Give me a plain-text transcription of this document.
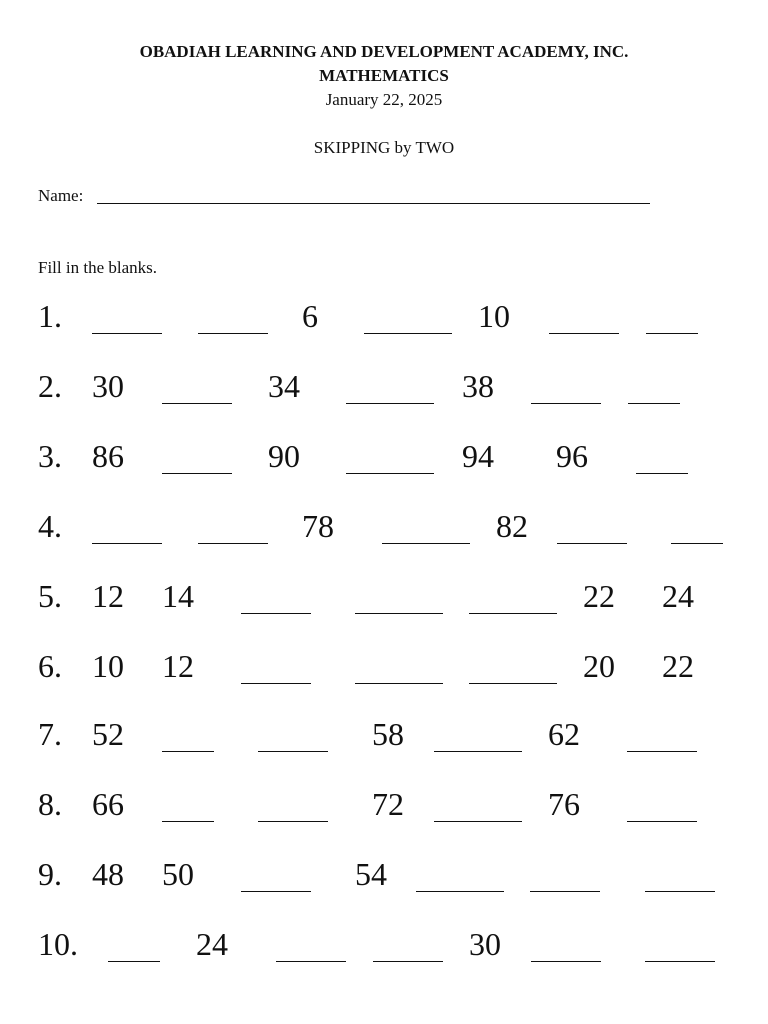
OBADIAH LEARNING AND DEVELOPMENT ACADEMY, INC.
MATHEMATICS
January 22, 2025
SKIPPING by TWO
Name:
Fill in the blanks.
1.	6	10
2. 30	34	38
3. 86	90	94 96
4.	78	82
5. 12 14	22 24
6. 10 12	20 22
7. 52	58	62
8. 66	72	76
9. 48 50	54
10.	24	30
